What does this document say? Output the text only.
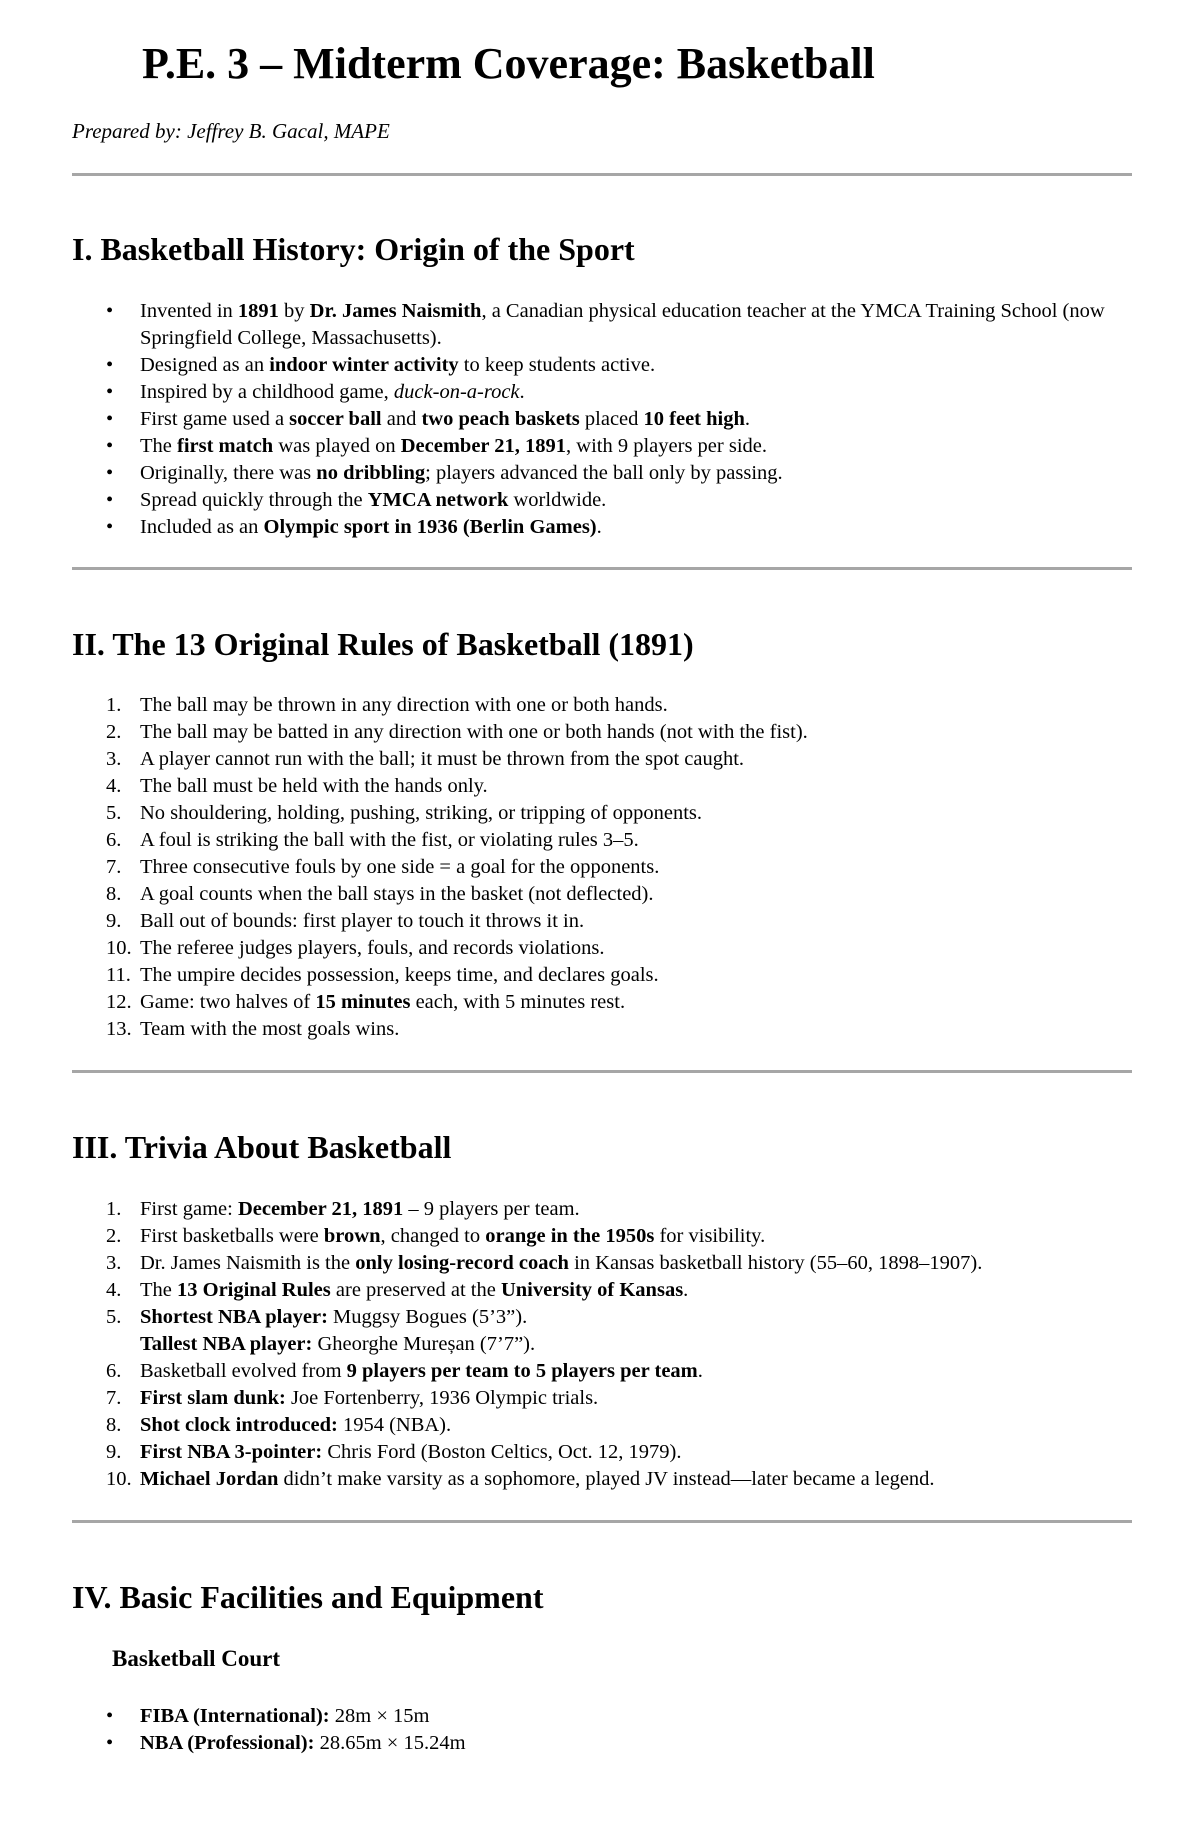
P.E. 3 – Midterm Coverage: Basketball
Prepared by: Jeffrey B. Gacal, MAPE
I. Basketball History: Origin of the Sport
• Invented in 1891 by Dr. James Naismith, a Canadian physical education teacher at the YMCA Training School (now Springfield College, Massachusetts).
• Designed as an indoor winter activity to keep students active.
• Inspired by a childhood game, duck-on-a-rock.
• First game used a soccer ball and two peach baskets placed 10 feet high.
• The first match was played on December 21, 1891, with 9 players per side.
• Originally, there was no dribbling; players advanced the ball only by passing.
• Spread quickly through the YMCA network worldwide.
• Included as an Olympic sport in 1936 (Berlin Games).
II. The 13 Original Rules of Basketball (1891)
1. The ball may be thrown in any direction with one or both hands.
2. The ball may be batted in any direction with one or both hands (not with the fist).
3. A player cannot run with the ball; it must be thrown from the spot caught.
4. The ball must be held with the hands only.
5. No shouldering, holding, pushing, striking, or tripping of opponents.
6. A foul is striking the ball with the fist, or violating rules 3–5.
7. Three consecutive fouls by one side = a goal for the opponents.
8. A goal counts when the ball stays in the basket (not deflected).
9. Ball out of bounds: first player to touch it throws it in.
10. The referee judges players, fouls, and records violations.
11. The umpire decides possession, keeps time, and declares goals.
12. Game: two halves of 15 minutes each, with 5 minutes rest.
13. Team with the most goals wins.
III. Trivia About Basketball
1. First game: December 21, 1891 – 9 players per team.
2. First basketballs were brown, changed to orange in the 1950s for visibility.
3. Dr. James Naismith is the only losing-record coach in Kansas basketball history (55–60, 1898–1907).
4. The 13 Original Rules are preserved at the University of Kansas.
5. Shortest NBA player: Muggsy Bogues (5’3”).
Tallest NBA player: Gheorghe Mureșan (7’7”).
6. Basketball evolved from 9 players per team to 5 players per team.
7. First slam dunk: Joe Fortenberry, 1936 Olympic trials.
8. Shot clock introduced: 1954 (NBA).
9. First NBA 3-pointer: Chris Ford (Boston Celtics, Oct. 12, 1979).
10. Michael Jordan didn’t make varsity as a sophomore, played JV instead—later became a legend.
IV. Basic Facilities and Equipment
Basketball Court
• FIBA (International): 28m × 15m
• NBA (Professional): 28.65m × 15.24m
